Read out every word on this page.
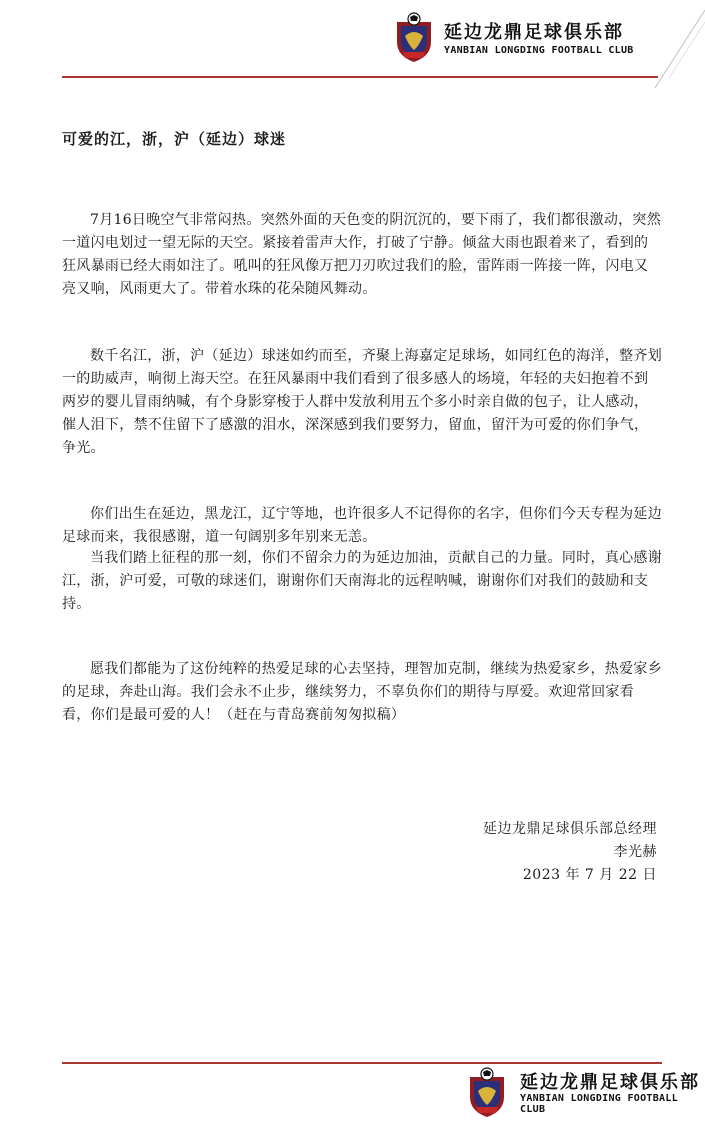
延边龙鼎足球俱乐部
YANBIAN LONGDING FOOTBALL CLUB
可爱的江，浙，沪（延边）球迷

7月16日晚空气非常闷热。突然外面的天色变的阴沉沉的，要下雨了，我们都很激动，突然一道闪电划过一望无际的天空。紧接着雷声大作，打破了宁静。倾盆大雨也跟着来了，看到的狂风暴雨已经大雨如注了。吼叫的狂风像万把刀刃吹过我们的脸，雷阵雨一阵接一阵，闪电又亮又响，风雨更大了。带着水珠的花朵随风舞动。

数千名江，浙，沪（延边）球迷如约而至，齐聚上海嘉定足球场，如同红色的海洋，整齐划一的助威声，响彻上海天空。在狂风暴雨中我们看到了很多感人的场境，年轻的夫妇抱着不到两岁的婴儿冒雨纳喊，有个身影穿梭于人群中发放利用五个多小时亲自做的包子，让人感动，催人泪下，禁不住留下了感激的泪水，深深感到我们要努力，留血，留汗为可爱的你们争气，争光。

你们出生在延边，黑龙江，辽宁等地，也许很多人不记得你的名字，但你们今天专程为延边足球而来，我很感谢，道一句阔别多年别来无恙。

当我们踏上征程的那一刻，你们不留余力的为延边加油，贡献自己的力量。同时，真心感谢江，浙，沪可爱，可敬的球迷们，谢谢你们天南海北的远程呐喊，谢谢你们对我们的鼓励和支持。

愿我们都能为了这份纯粹的热爱足球的心去坚持，理智加克制，继续为热爱家乡，热爱家乡的足球，奔赴山海。我们会永不止步，继续努力，不辜负你们的期待与厚爱。欢迎常回家看看，你们是最可爱的人！（赶在与青岛赛前匆匆拟稿）

延边龙鼎足球俱乐部总经理
李光赫
2023 年 7 月 22 日
延边龙鼎足球俱乐部
YANBIAN LONGDING FOOTBALL CLUB
